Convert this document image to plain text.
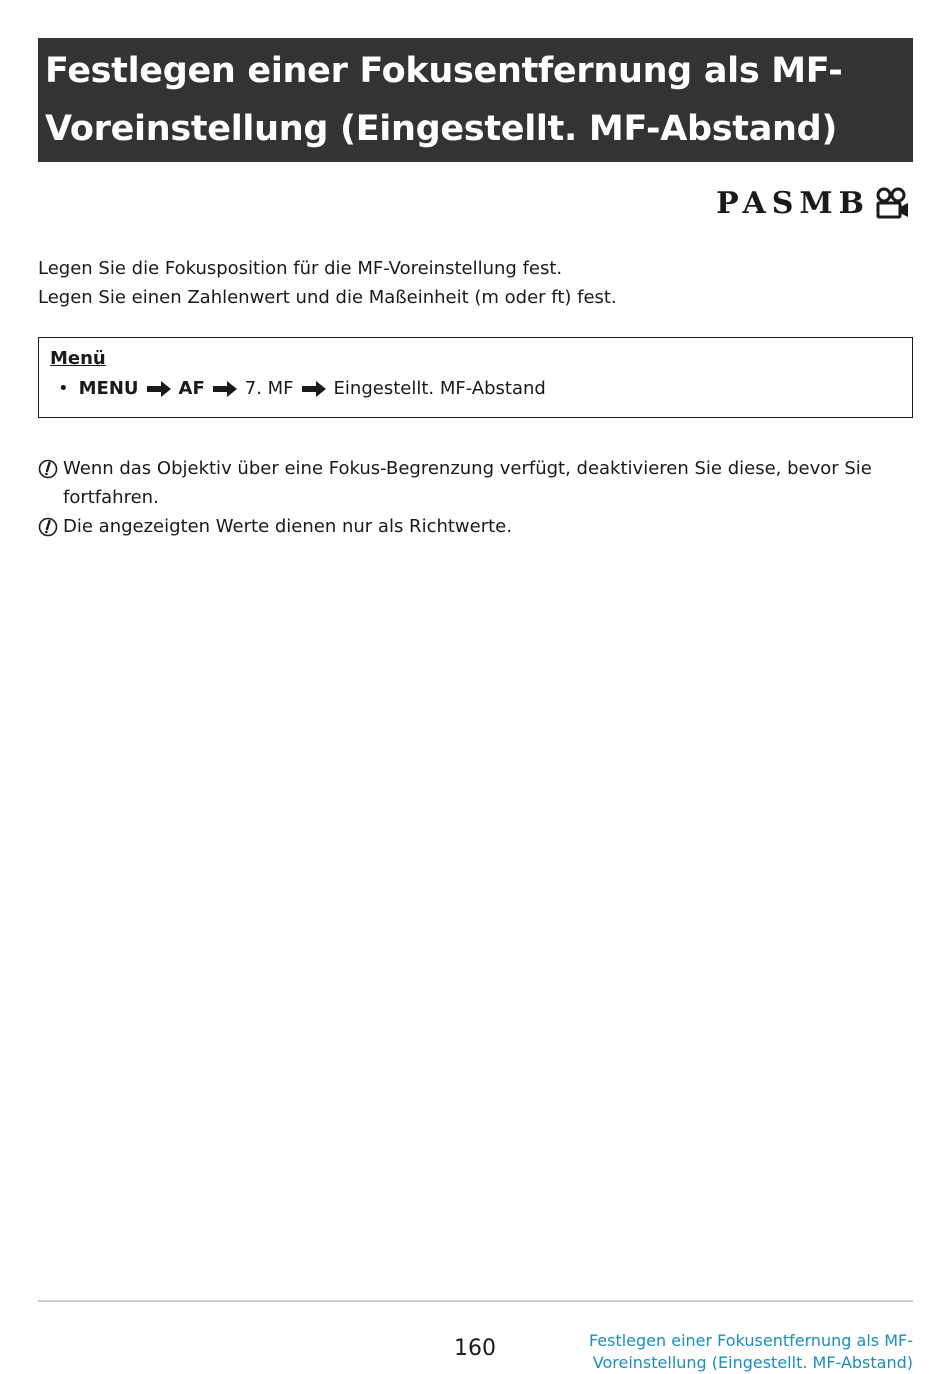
Festlegen einer Fokusentfernung als MF-Voreinstellung (Eingestellt. MF-Abstand)
PASMB

Legen Sie die Fokusposition für die MF-Voreinstellung fest.

Legen Sie einen Zahlenwert und die Maßeinheit (m oder ft) fest.

Menü
• MENU AF 7. MF Eingestellt. MF-Abstand
Wenn das Objektiv über eine Fokus-Begrenzung verfügt, deaktivieren Sie diese, bevor Sie fortfahren.
Die angezeigten Werte dienen nur als Richtwerte.
160	Festlegen einer Fokusentfernung als MF-Voreinstellung (Eingestellt. MF-Abstand)
